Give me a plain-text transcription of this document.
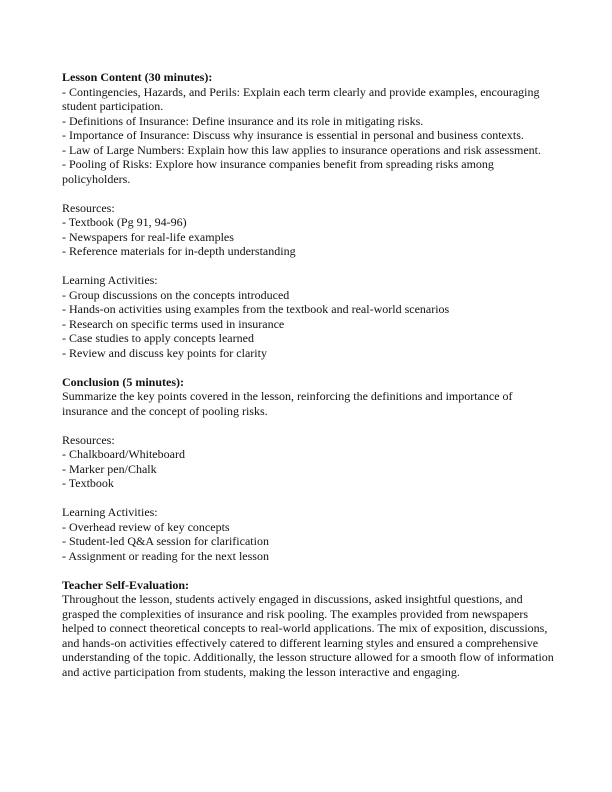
Lesson Content (30 minutes):

- Contingencies, Hazards, and Perils: Explain each term clearly and provide examples, encouraging student participation.

- Definitions of Insurance: Define insurance and its role in mitigating risks.

- Importance of Insurance: Discuss why insurance is essential in personal and business contexts.

- Law of Large Numbers: Explain how this law applies to insurance operations and risk assessment.

- Pooling of Risks: Explore how insurance companies benefit from spreading risks among policyholders.

Resources:

- Textbook (Pg 91, 94-96)

- Newspapers for real-life examples

- Reference materials for in-depth understanding

Learning Activities:

- Group discussions on the concepts introduced

- Hands-on activities using examples from the textbook and real-world scenarios

- Research on specific terms used in insurance

- Case studies to apply concepts learned

- Review and discuss key points for clarity

Conclusion (5 minutes):

Summarize the key points covered in the lesson, reinforcing the definitions and importance of insurance and the concept of pooling risks.

Resources:

- Chalkboard/Whiteboard

- Marker pen/Chalk

- Textbook

Learning Activities:

- Overhead review of key concepts

- Student-led Q&A session for clarification

- Assignment or reading for the next lesson

Teacher Self-Evaluation:

Throughout the lesson, students actively engaged in discussions, asked insightful questions, and grasped the complexities of insurance and risk pooling. The examples provided from newspapers helped to connect theoretical concepts to real-world applications. The mix of exposition, discussions, and hands-on activities effectively catered to different learning styles and ensured a comprehensive understanding of the topic. Additionally, the lesson structure allowed for a smooth flow of information and active participation from students, making the lesson interactive and engaging.
